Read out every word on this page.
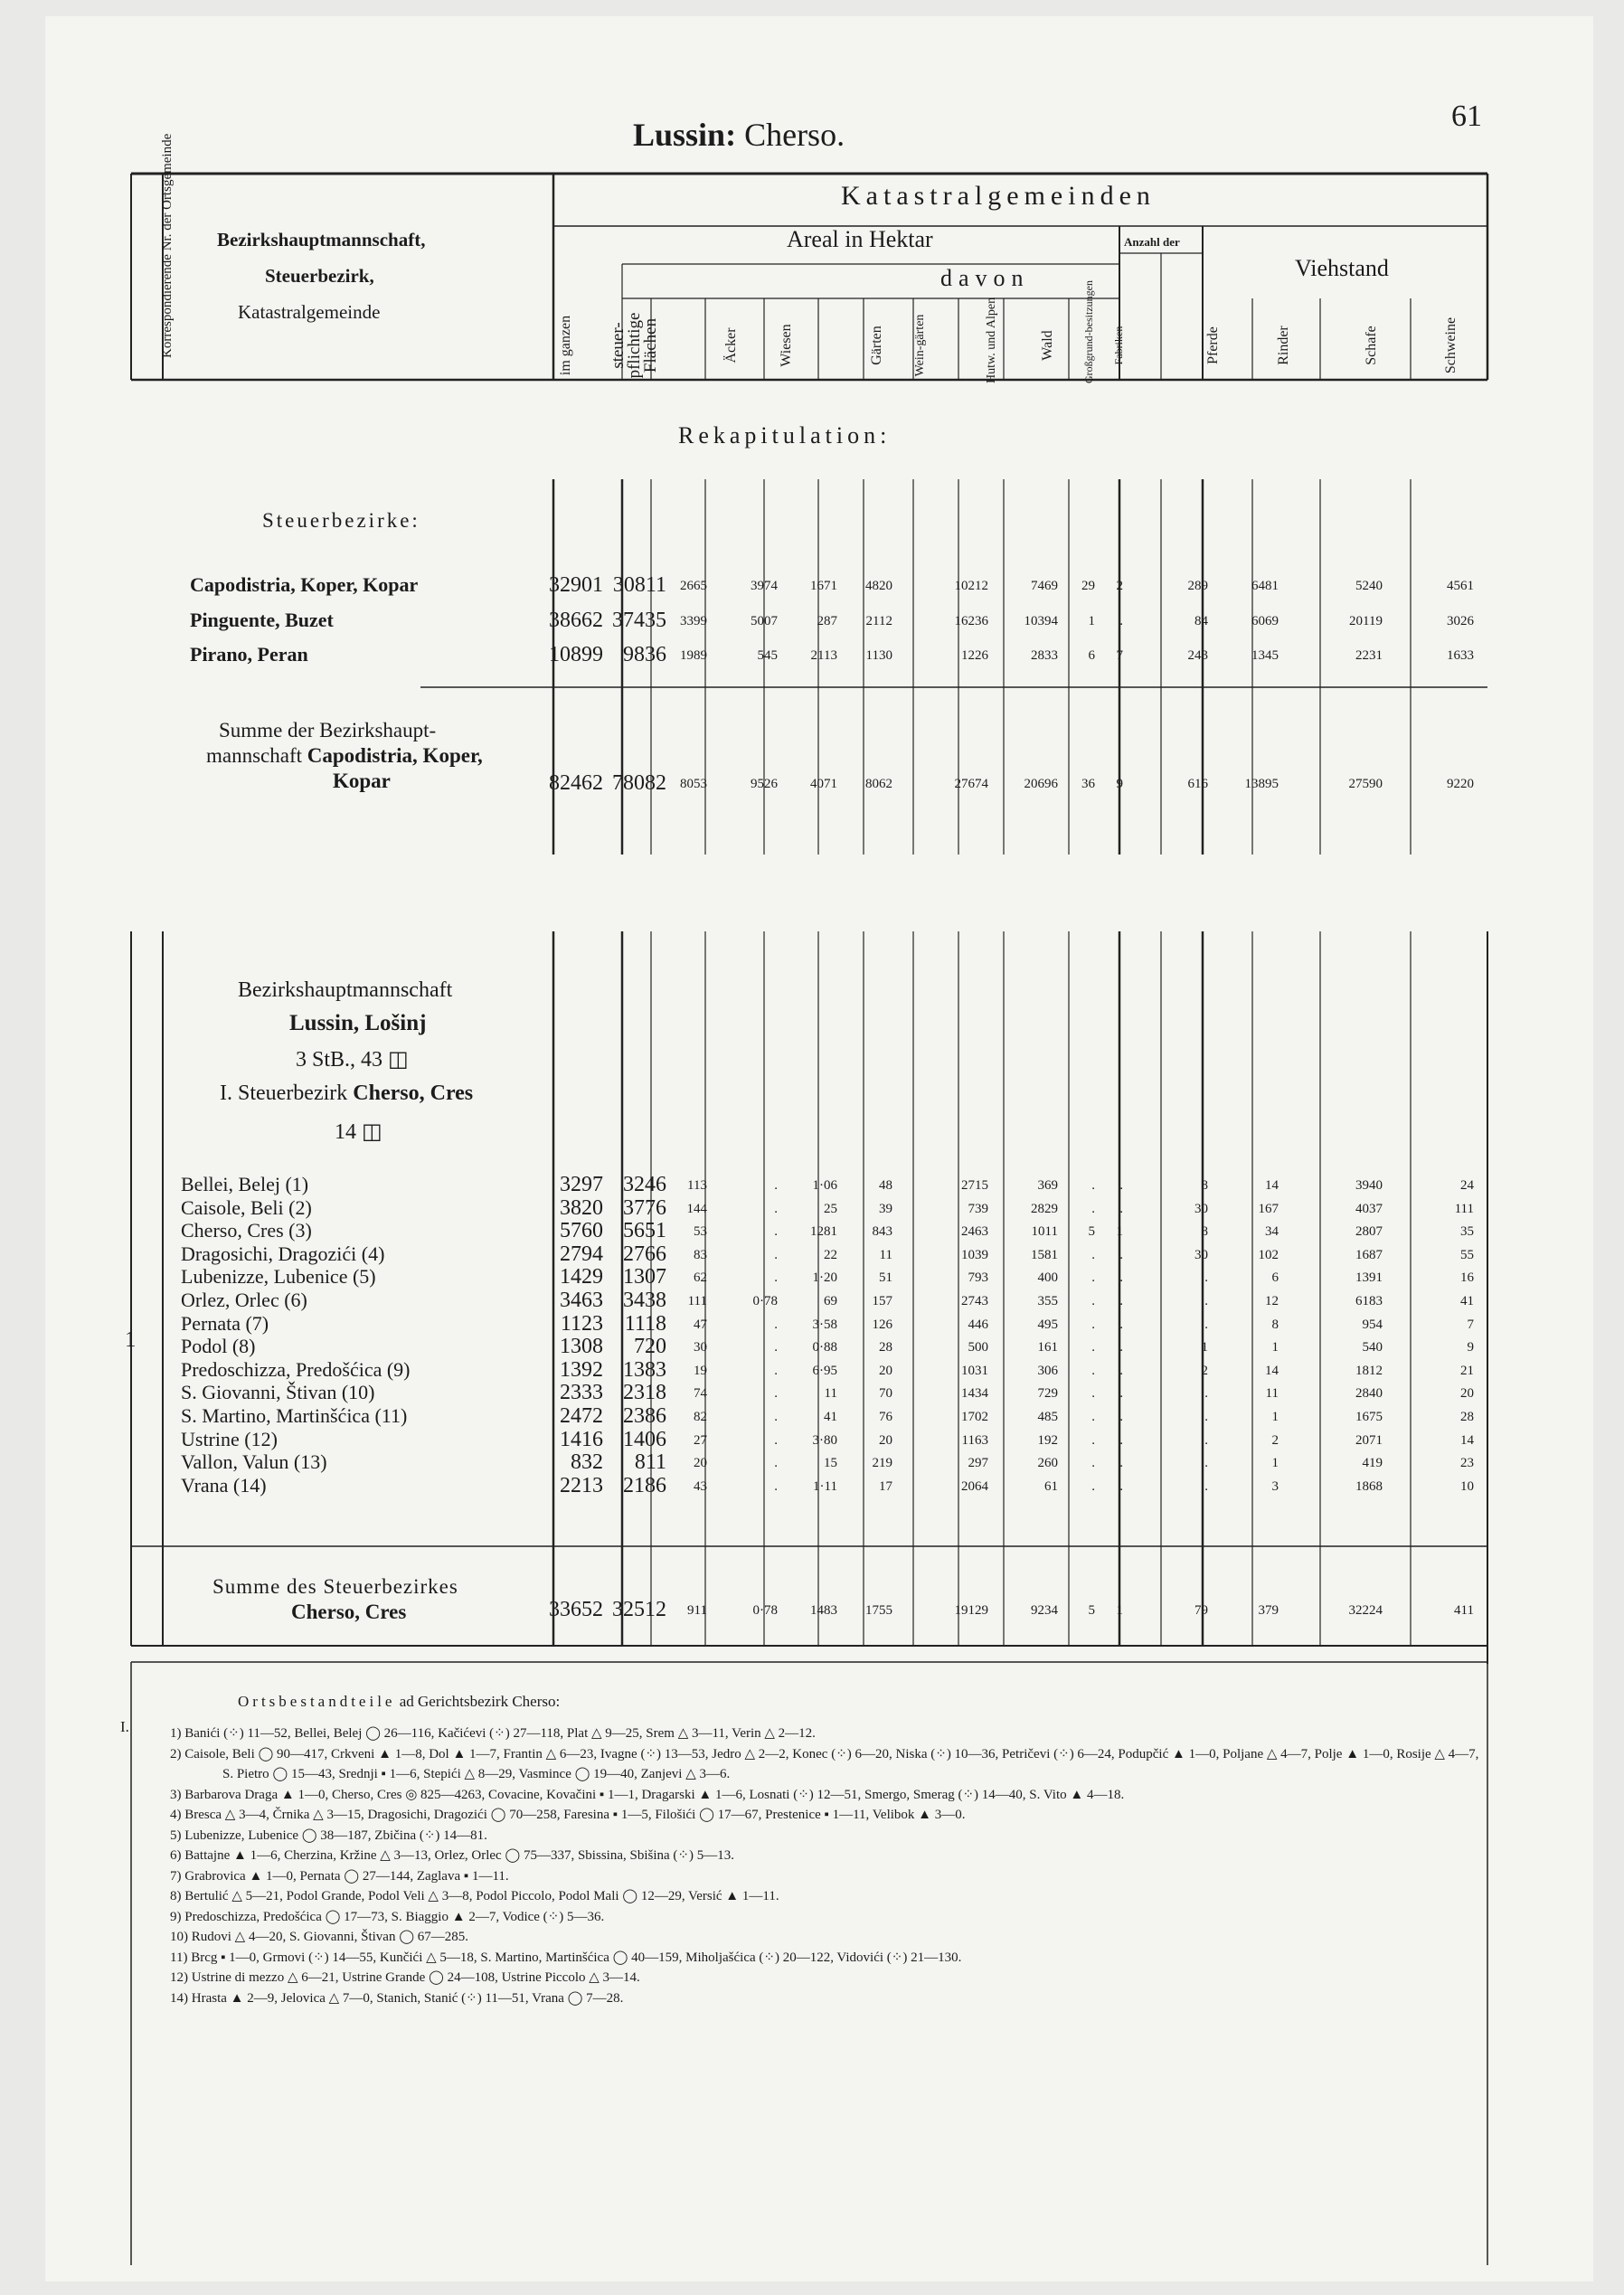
Lussin: Cherso.
61
Korrespondierende Nr. der Ortsgemeinde	Bezirkshauptmannschaft,
Steuerbezirk,
Katastralgemeinde
Katastralgemeinden
Areal in Hektar
davon
Anzahl der
Viehstand
im ganzen	steuer-pflichtige Flächen	Äcker	Wiesen	Gärten	Wein-gärten	Hutw. und Alpen	Wald	Großgrund-besitzungen	Fabriken	Pferde	Rinder	Schafe	Schweine
Rekapitulation:
Steuerbezirke:
Capodistria, Koper, Kopar	32901 30811	2665	3974	1671	4820	10212	7469	29	2	289	6481	5240	4561
Pinguente, Buzet	38662 37435	3399	5007	287	2112	16236	10394	1	.	84	6069	20119	3026
Pirano, Peran	10899 9836	1989	545	2113	1130	1226	2833	6	7	243	1345	2231	1633
Summe der Bezirkshaupt-
mannschaft Capodistria, Koper,
Kopar	82462 78082	8053	9526	4071	8062	27674	20696	36	9	616	13895	27590	9220
Bezirkshauptmannschaft
Lussin, Lošinj
3 StB., 43 ◫
I. Steuerbezirk Cherso, Cres
14 ◫
1
Bellei, Belej (1)	3297 3246	113	.	1·06	48	2715	369	.	.	8	14	3940	24
Caisole, Beli (2)	3820 3776	144	.	25	39	739	2829	.	.	30	167	4037	111
Cherso, Cres (3)	5760 5651	53	.	1281	843	2463	1011	5	1	8	34	2807	35
Dragosichi, Dragozići (4)	2794 2766	83	.	22	11	1039	1581	.	.	30	102	1687	55
Lubenizze, Lubenice (5)	1429 1307	62	.	1·20	51	793	400	.	.	.	6	1391	16
Orlez, Orlec (6)	3463 3438	111	0·78	69	157	2743	355	.	.	.	12	6183	41
Pernata (7)	1123 1118	47	.	3·58	126	446	495	.	.	.	8	954	7
Podol (8)	1308	720	30	.	0·88	28	500	161	.	.	1	1	540	9
Predoschizza, Predošćica (9)	1392 1383	19	.	6·95	20	1031	306	.	.	2	14	1812	21
S. Giovanni, Štivan (10)	2333 2318	74	.	11	70	1434	729	.	.	.	11	2840	20
S. Martino, Martinšćica (11)	2472 2386	82	.	41	76	1702	485	.	.	.	1	1675	28
Ustrine (12)	1416 1406	27	.	3·80	20	1163	192	.	.	.	2	2071	14
Vallon, Valun (13)	832	811	20	.	15	219	297	260	.	.	.	1	419	23
Vrana (14)	2213 2186	43	.	1·11	17	2064	61	.	.	.	3	1868	10
Summe des Steuerbezirkes
Cherso, Cres	33652 32512	911	0·78	1483	1755	19129	9234	5	1	79	379	32224	411
Ortsbestandteile ad Gerichtsbezirk Cherso:
I.	1) Banići (⁘) 11—52, Bellei, Belej ◯ 26—116, Kačićevi (⁘) 27—118, Plat △ 9—25, Srem △ 3—11, Verin △ 2—12.
2) Caisole, Beli ◯ 90—417, Crkveni ▲ 1—8, Dol ▲ 1—7, Frantin △ 6—23, Ivagne (⁘) 13—53, Jedro △ 2—2, Konec (⁘) 6—20, Niska (⁘) 10—36, Petričevi (⁘) 6—24, Podupčić ▲ 1—0, Poljane △ 4—7, Polje ▲ 1—0, Rosije △ 4—7, S. Pietro ◯ 15—43, Srednji ▪ 1—6, Stepići △ 8—29, Vasmince ◯ 19—40, Zanjevi △ 3—6.
3) Barbarova Draga ▲ 1—0, Cherso, Cres ◎ 825—4263, Covacine, Kovačini ▪ 1—1, Dragarski ▲ 1—6, Losnati (⁘) 12—51, Smergo, Smerag (⁘) 14—40, S. Vito ▲ 4—18.
4) Bresca △ 3—4, Črnika △ 3—15, Dragosichi, Dragozići ◯ 70—258, Faresina ▪ 1—5, Filošići ◯ 17—67, Prestenice ▪ 1—11, Velibok ▲ 3—0.
5) Lubenizze, Lubenice ◯ 38—187, Zbičina (⁘) 14—81.
6) Battajne ▲ 1—6, Cherzina, Kržine △ 3—13, Orlez, Orlec ◯ 75—337, Sbissina, Sbišina (⁘) 5—13.
7) Grabrovica ▲ 1—0, Pernata ◯ 27—144, Zaglava ▪ 1—11.
8) Bertulić △ 5—21, Podol Grande, Podol Veli △ 3—8, Podol Piccolo, Podol Mali ◯ 12—29, Versić ▲ 1—11.
9) Predoschizza, Predošćica ◯ 17—73, S. Biaggio ▲ 2—7, Vodice (⁘) 5—36.
10) Rudovi △ 4—20, S. Giovanni, Štivan ◯ 67—285.
11) Brcg ▪ 1—0, Grmovi (⁘) 14—55, Kunčići △ 5—18, S. Martino, Martinšćica ◯ 40—159, Miholjašćica (⁘) 20—122, Vidovići (⁘) 21—130.
12) Ustrine di mezzo △ 6—21, Ustrine Grande ◯ 24—108, Ustrine Piccolo △ 3—14.
14) Hrasta ▲ 2—9, Jelovica △ 7—0, Stanich, Stanić (⁘) 11—51, Vrana ◯ 7—28.
